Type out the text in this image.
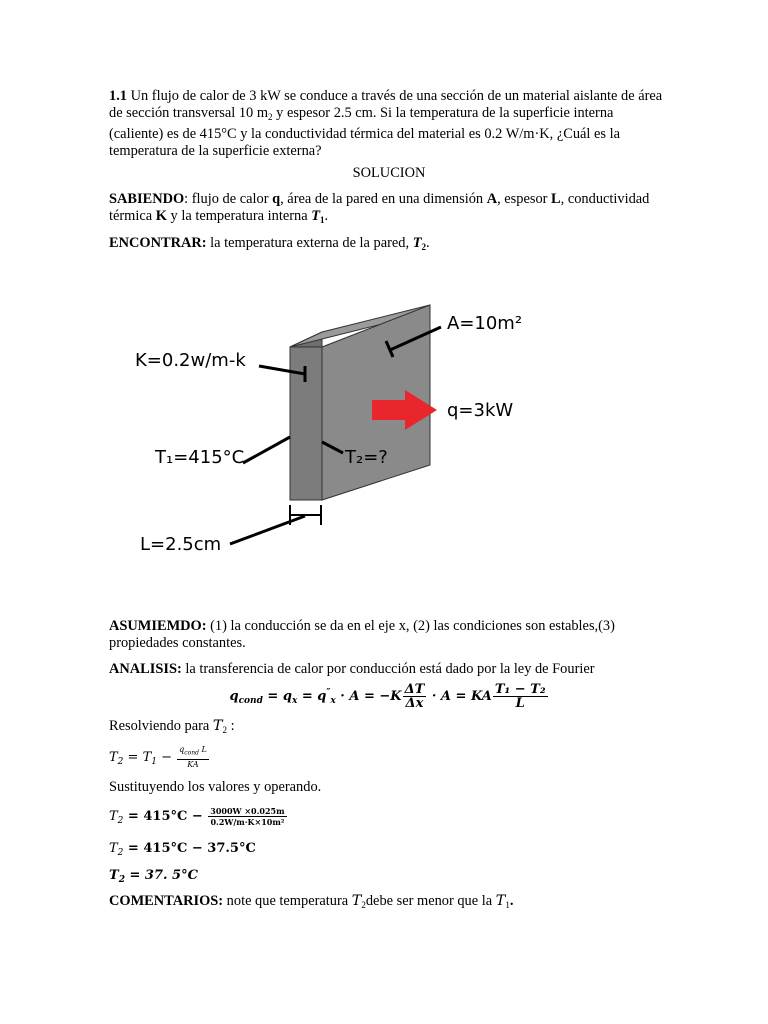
1.1 Un flujo de calor de 3 kW se conduce a través de una sección de un material aislante de área de sección transversal 10 $m_2$ y espesor 2.5 cm. Si la temperatura de la superficie interna (caliente) es de 415°C y la conductividad térmica del material es 0.2 W/m·K, ¿Cuál es la temperatura de la superficie externa?
SOLUCION
SABIENDO: flujo de calor q, área de la pared en una dimensión A, espesor L, conductividad térmica K y la temperatura interna $T_1$.
ENCONTRAR: la temperatura externa de la pared, $T_2$.
A=10m²
K=0.2w/m-k
q=3kW
T₁=415°C	T₂=?
L=2.5cm
ASUMIEMDO: (1) la conducción se da en el eje x, (2) las condiciones son estables,(3) propiedades constantes.
ANALISIS: la transferencia de calor por conducción está dado por la ley de Fourier
$q_{cond} = q_x = q''_x \cdot A = -K \frac{\Delta T}{\Delta x} \cdot A$ = KA $\frac{\text{T₁ − T₂}}{L}$
Resolviendo para $T_2$ :
$T_2 = T_1 - \frac{q_{cond} L}{KA}$
Sustituyendo los valores y operando.
$T_2 = 415^\circ C - \frac{3000W \times 0.025m}{\text{0.2W/m·K×10m²}}$
$T_2 = 415^\circ C - 37.5^\circ C$
$T_2 = 37$. 5°C
COMENTARIOS: note que temperatura $T_2debe$ ser menor que la $T_1$.
